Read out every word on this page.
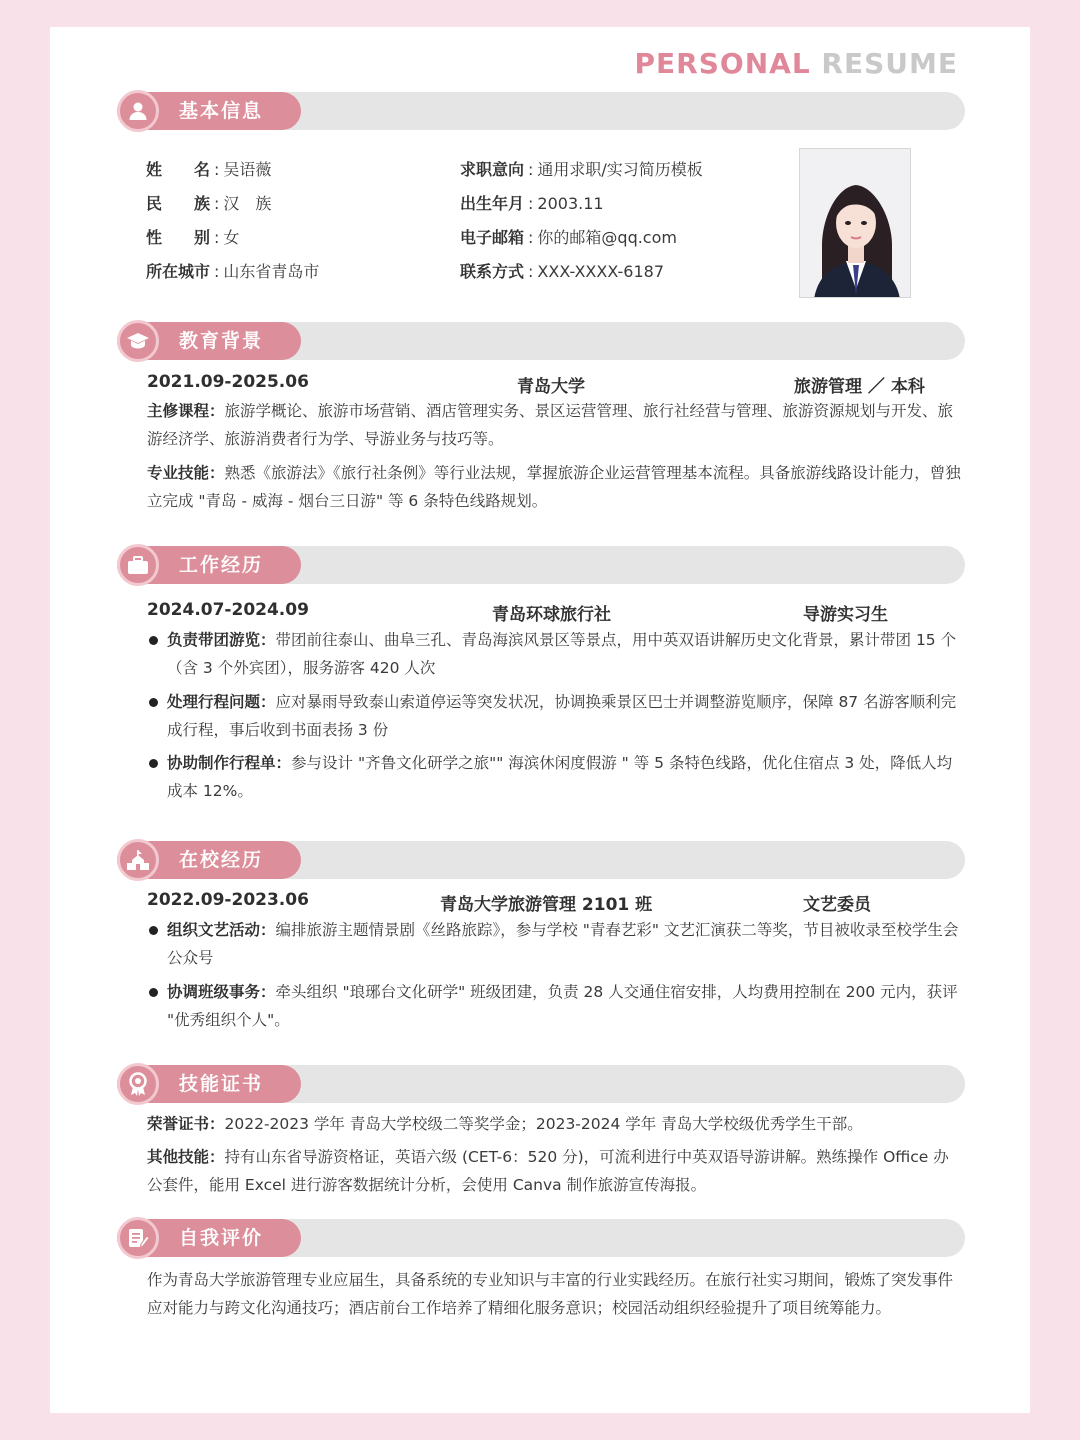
PERSONAL RESUME
基本信息
姓　　名 : 吴语薇
民　　族 : 汉　族
性　　别 : 女
所在城市 : 山东省青岛市
求职意向 : 通用求职/实习简历模板
出生年月 : 2003.11
电子邮箱 : 你的邮箱@qq.com
联系方式 : XXX-XXXX-6187
教育背景
2021.09-2025.06	青岛大学	旅游管理 ／ 本科
主修课程：旅游学概论、旅游市场营销、酒店管理实务、景区运营管理、旅行社经营与管理、旅游资源规划与开发、旅游经济学、旅游消费者行为学、导游业务与技巧等。
专业技能：熟悉《旅游法》《旅行社条例》等行业法规，掌握旅游企业运营管理基本流程。具备旅游线路设计能力，曾独立完成 "青岛 - 威海 - 烟台三日游" 等 6 条特色线路规划。
工作经历
2024.07-2024.09	青岛环球旅行社	导游实习生
负责带团游览：带团前往泰山、曲阜三孔、青岛海滨风景区等景点，用中英双语讲解历史文化背景，累计带团 15 个（含 3 个外宾团），服务游客 420 人次
处理行程问题：应对暴雨导致泰山索道停运等突发状况，协调换乘景区巴士并调整游览顺序，保障 87 名游客顺利完成行程，事后收到书面表扬 3 份
协助制作行程单：参与设计 "齐鲁文化研学之旅"" 海滨休闲度假游 " 等 5 条特色线路，优化住宿点 3 处，降低人均成本 12%。
在校经历
2022.09-2023.06	青岛大学旅游管理 2101 班	文艺委员
组织文艺活动：编排旅游主题情景剧《丝路旅踪》，参与学校 "青春艺彩" 文艺汇演获二等奖，节目被收录至校学生会公众号
协调班级事务：牵头组织 "琅琊台文化研学" 班级团建，负责 28 人交通住宿安排，人均费用控制在 200 元内，获评 "优秀组织个人"。
技能证书
荣誉证书：2022-2023 学年 青岛大学校级二等奖学金；2023-2024 学年 青岛大学校级优秀学生干部。
其他技能：持有山东省导游资格证，英语六级 (CET-6：520 分)，可流利进行中英双语导游讲解。熟练操作 Office 办公套件，能用 Excel 进行游客数据统计分析，会使用 Canva 制作旅游宣传海报。
自我评价
作为青岛大学旅游管理专业应届生，具备系统的专业知识与丰富的行业实践经历。在旅行社实习期间，锻炼了突发事件应对能力与跨文化沟通技巧；酒店前台工作培养了精细化服务意识；校园活动组织经验提升了项目统筹能力。
